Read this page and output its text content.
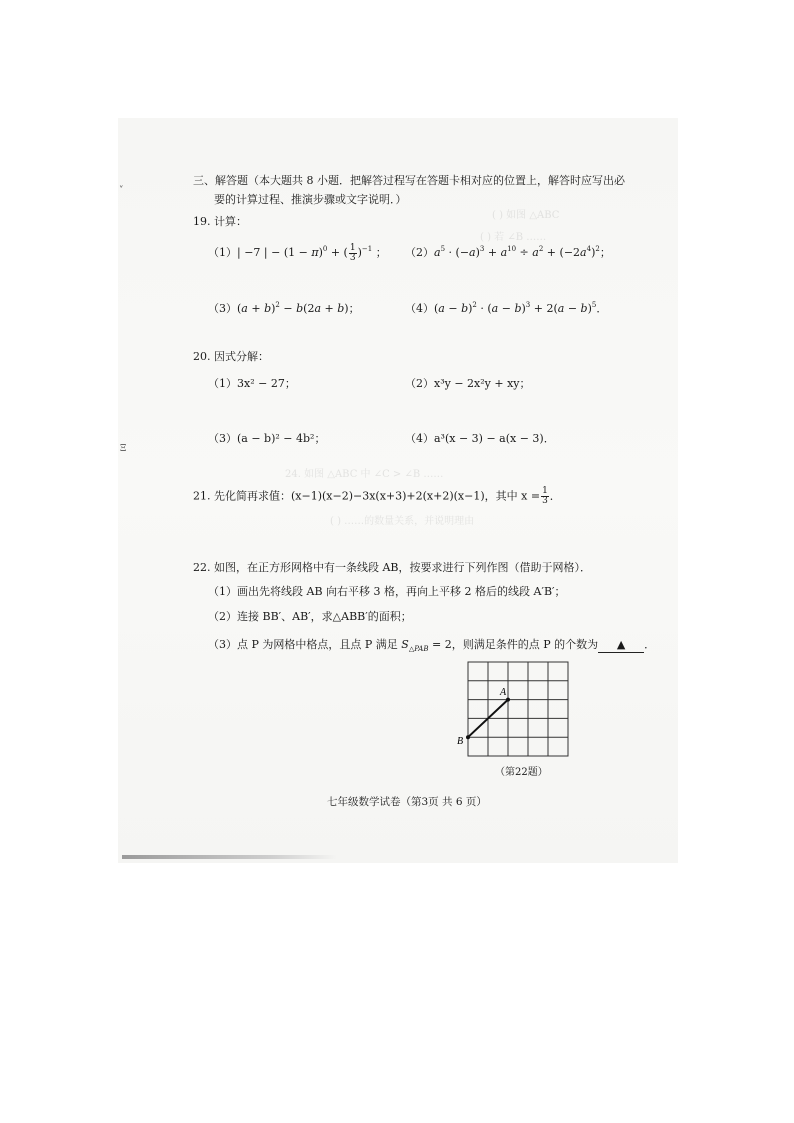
( ) 如图 △ABC
( ) 若 ∠B ……
24. 如图 △ABC 中 ∠C > ∠B ……
( ) ……的数量关系，并说明理由
˅
Ξ
三、解答题（本大题共 8 小题．把解答过程写在答题卡相对应的位置上，解答时应写出必
要的计算过程、推演步骤或文字说明．）
19. 计算：
（1）| −7 | − $(1 - \pi)^0$ + ( $\frac{1}{3} )^{-1}$ ； $(2)a^5 \cdot (-a)^3 + a^{10} \div a^2 + (-2a^4)^2$；
$(3)(a + b)^2 - b(2a + b)$；	$(4)(a - b)^2 \cdot (a - b)^3 + 2(a - b)^5$．
20. 因式分解：
（1）3x² − 27；	（2）x³y − 2x²y + xy；
（3）(a − b)² − 4b²；	（4）a³(x − 3) − a(x − 3)．
21. 先化简再求值：(x−1)(x−2)−3x(x+3)+2(x+2)(x−1)，其中 $x = \frac{1}{3}$ ．
22. 如图，在正方形网格中有一条线段 AB，按要求进行下列作图（借助于网格）．
（1）画出先将线段 AB 向右平移 3 格，再向上平移 2 格后的线段 A′B′；
（2）连接 BB′、AB′，求△ABB′的面积；
（3）点 P 为网格中格点，且点 P 满足 $S_{\triangle PAB} = 2$，则满足条件的点 P 的个数为 ▲ ．
A
B
（第22题）
七年级数学试卷（第3页 共 6 页）
